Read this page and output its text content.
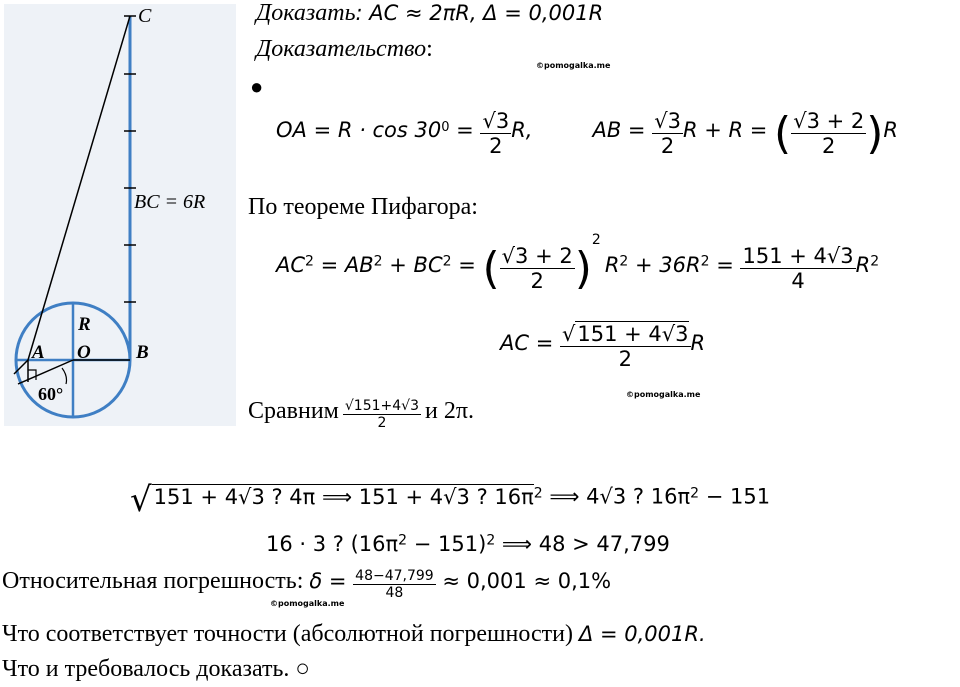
C
BC = 6R
R
A O B
60°
Доказать: AC ≈ 2πR, Δ = 0,001R
Доказательство:
©pomogalka.me
●
OA = $R \cdot \cos 30^0 = \frac{√3}{2} R$,	AB = $\frac{√3}{2}$ R + R = ( $\frac{√3 + 2}{2} )R$
По теореме Пифагора:
AC2 = AB2 + BC2 = ( $\frac{√3 + 2}{2} )2$ $R2 + 36R2 = \frac{151 + 4√3}{4} R2$
AC = $\frac{√151 + 4√3}{2}$ R
©pomogalka.me
Сравним $\frac{√151+4√3}{2}$ и 2π.
√151 + 4√3 ? 4π ⟹ 151 + 4√3 ? 16π2 ⟹ 4√3 ? 16π2 − 151
16 · 3 ? (16π2 − 151)2 ⟹ 48 > 47,799
Относительная погрешность: $\delta = \frac{48-47,799}{48} \approx 0,001 \approx 0,1\%$
©pomogalka.me
Что соответствует точности (абсолютной погрешности) Δ = 0,001R.
Что и требовалось доказать. ○
